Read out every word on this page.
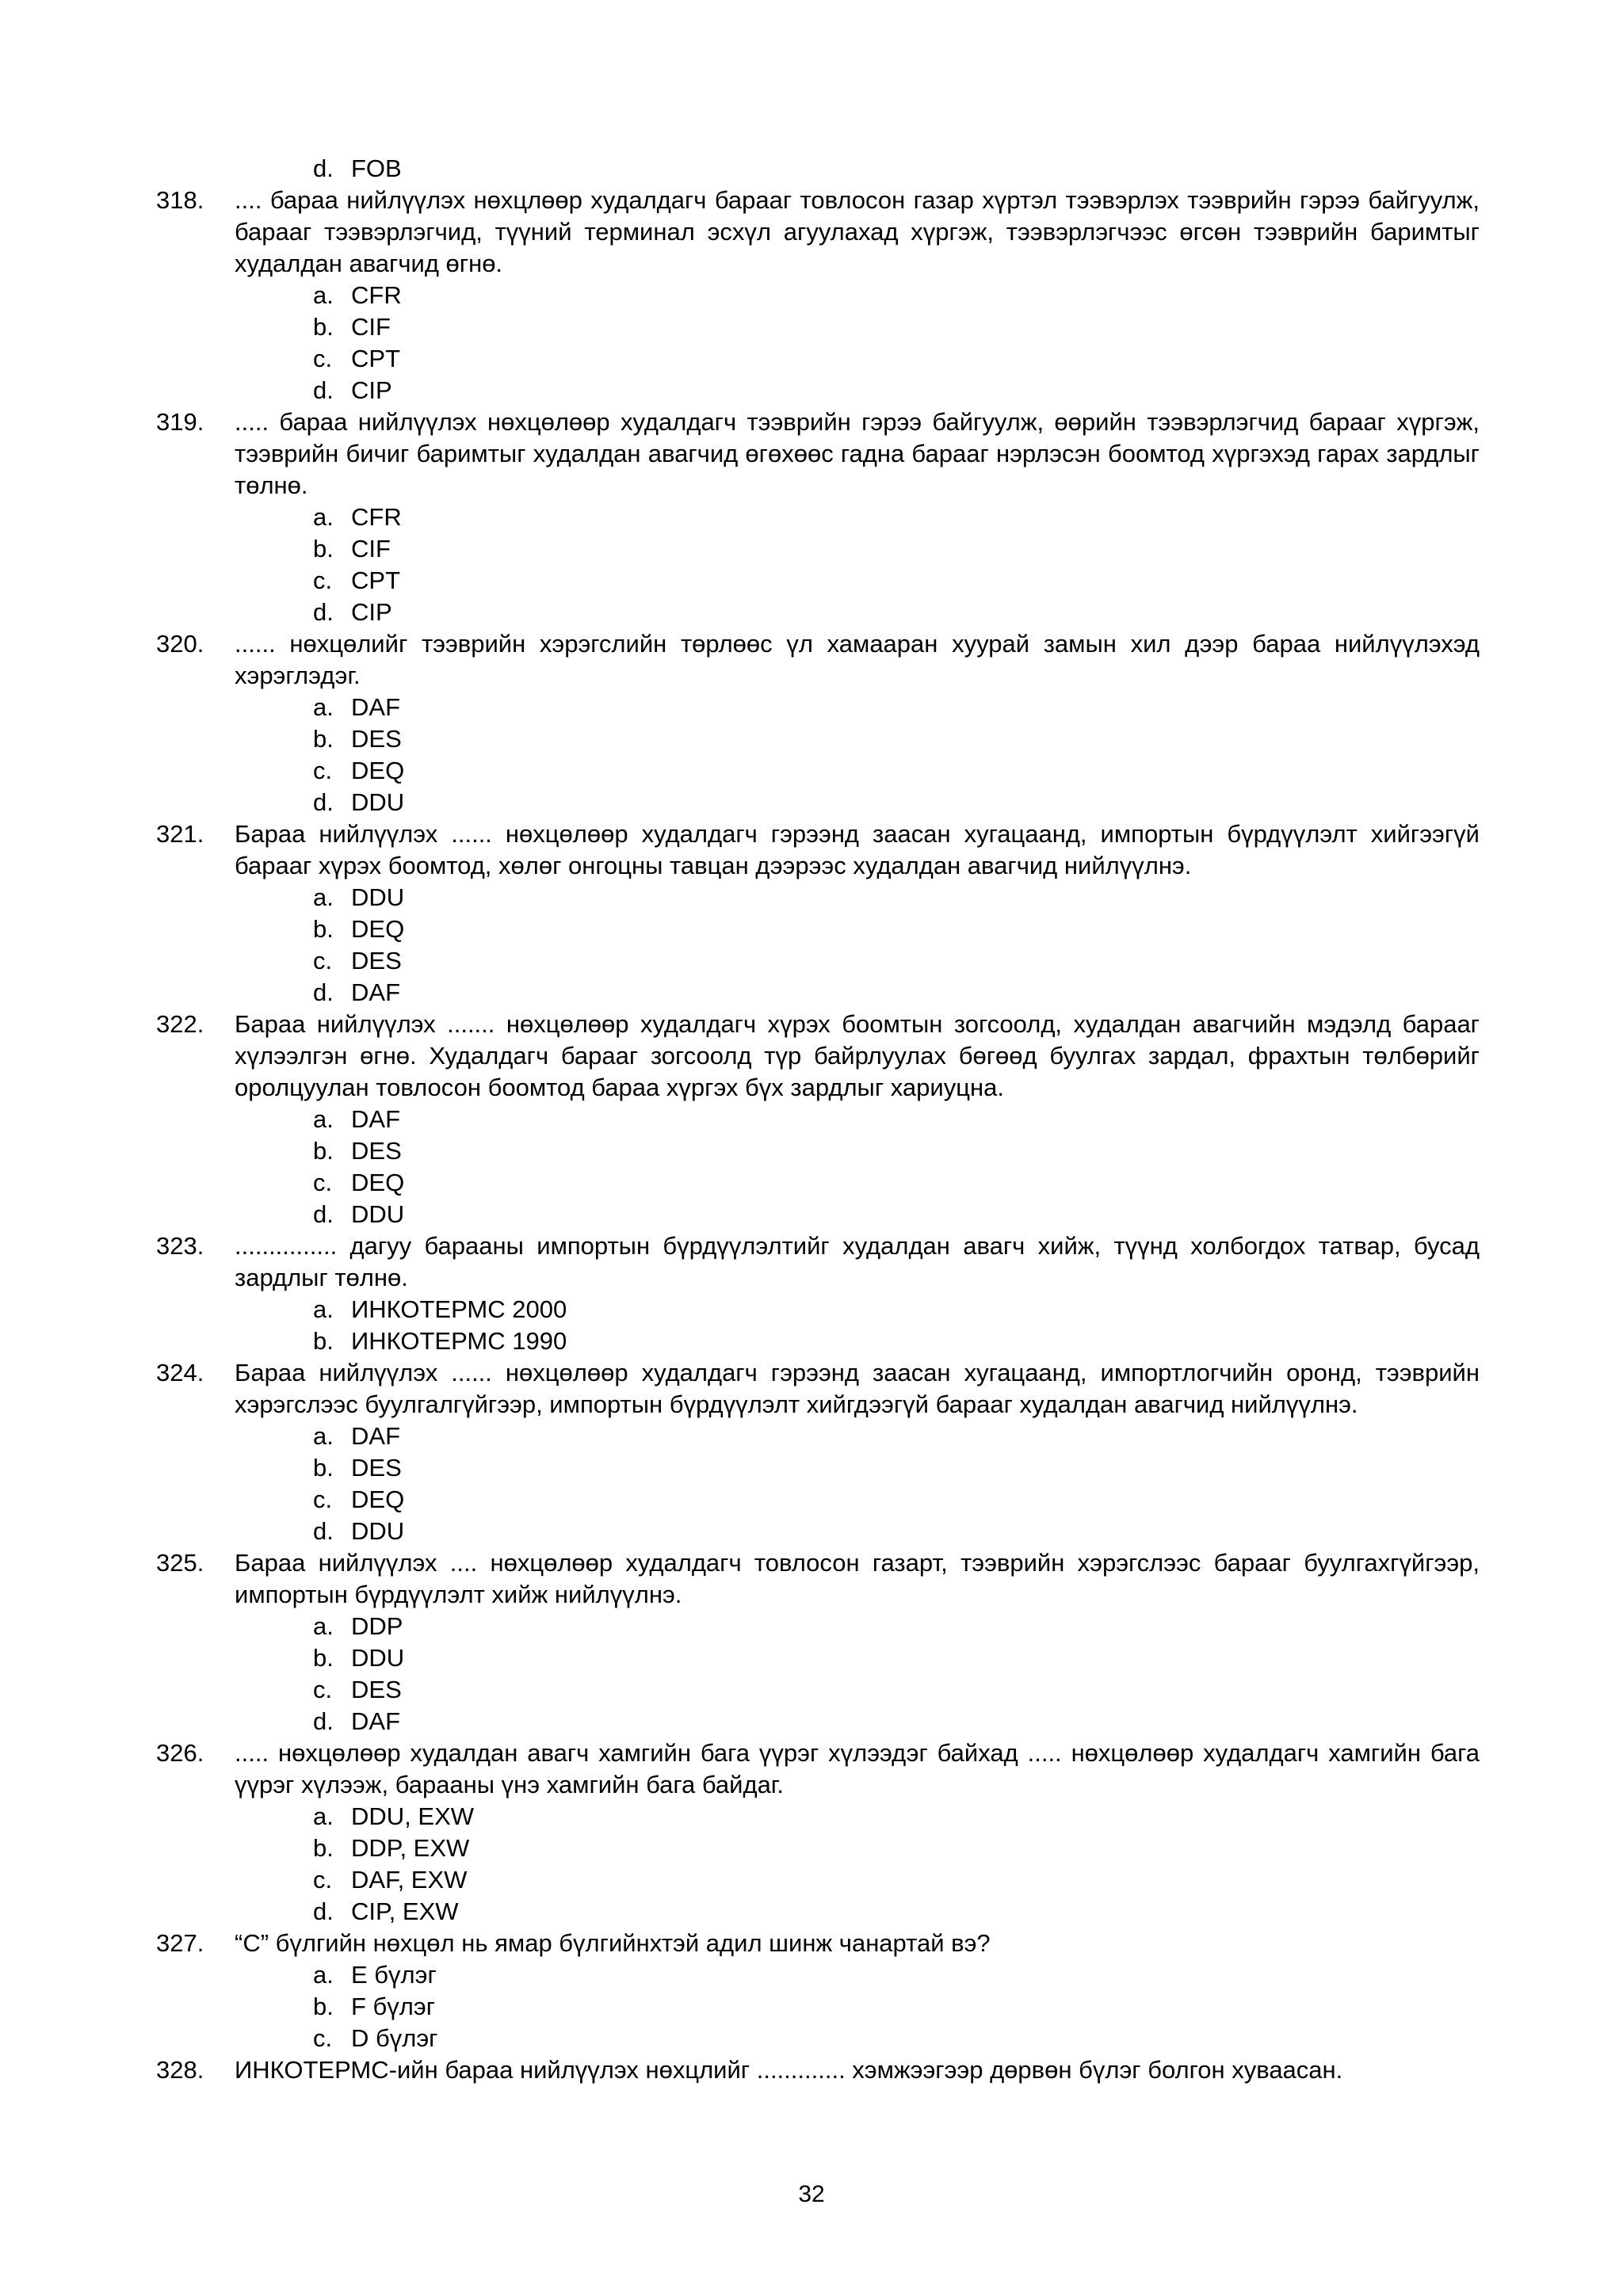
d. FOB
318. .... бараа нийлүүлэх нөхцлөөр худалдагч барааг товлосон газар хүртэл тээвэрлэх тээврийн гэрээ байгуулж, барааг тээвэрлэгчид, түүний терминал эсхүл агуулахад хүргэж, тээвэрлэгчээс өгсөн тээврийн баримтыг худалдан авагчид өгнө.
a. CFR
b. CIF
c. CPT
d. CIP
319. ..... бараа нийлүүлэх нөхцөлөөр худалдагч тээврийн гэрээ байгуулж, өөрийн тээвэрлэгчид барааг хүргэж, тээврийн бичиг баримтыг худалдан авагчид өгөхөөс гадна барааг нэрлэсэн боомтод хүргэхэд гарах зардлыг төлнө.
a. CFR
b. CIF
c. CPT
d. CIP
320. ...... нөхцөлийг тээврийн хэрэгслийн төрлөөс үл хамааран хуурай замын хил дээр бараа нийлүүлэхэд хэрэглэдэг.
a. DAF
b. DES
c. DEQ
d. DDU
321. Бараа нийлүүлэх ...... нөхцөлөөр худалдагч гэрээнд заасан хугацаанд, импортын бүрдүүлэлт хийгээгүй барааг хүрэх боомтод, хөлөг онгоцны тавцан дээрээс худалдан авагчид нийлүүлнэ.
a. DDU
b. DEQ
c. DES
d. DAF
322. Бараа нийлүүлэх ....... нөхцөлөөр худалдагч хүрэх боомтын зогсоолд, худалдан авагчийн мэдэлд барааг хүлээлгэн өгнө. Худалдагч барааг зогсоолд түр байрлуулах бөгөөд буулгах зардал, фрахтын төлбөрийг оролцуулан товлосон боомтод бараа хүргэх бүх зардлыг хариуцна.
a. DAF
b. DES
c. DEQ
d. DDU
323. ............... дагуу барааны импортын бүрдүүлэлтийг худалдан авагч хийж, түүнд холбогдох татвар, бусад зардлыг төлнө.
a. ИНКОТЕРМС 2000
b. ИНКОТЕРМС 1990
324. Бараа нийлүүлэх ...... нөхцөлөөр худалдагч гэрээнд заасан хугацаанд, импортлогчийн оронд, тээврийн хэрэгслээс буулгалгүйгээр, импортын бүрдүүлэлт хийгдээгүй барааг худалдан авагчид нийлүүлнэ.
a. DAF
b. DES
c. DEQ
d. DDU
325. Бараа нийлүүлэх .... нөхцөлөөр худалдагч товлосон газарт, тээврийн хэрэгслээс барааг буулгахгүйгээр, импортын бүрдүүлэлт хийж нийлүүлнэ.
a. DDP
b. DDU
c. DES
d. DAF
326. ..... нөхцөлөөр худалдан авагч хамгийн бага үүрэг хүлээдэг байхад ..... нөхцөлөөр худалдагч хамгийн бага үүрэг хүлээж, барааны үнэ хамгийн бага байдаг.
a. DDU, EXW
b. DDP, EXW
c. DAF, EXW
d. CIP, EXW
327. “C” бүлгийн нөхцөл нь ямар бүлгийнхтэй адил шинж чанартай вэ?
a. E бүлэг
b. F бүлэг
c. D бүлэг
328. ИНКОТЕРМС-ийн бараа нийлүүлэх нөхцлийг ............. хэмжээгээр дөрвөн бүлэг болгон хуваасан.
32
